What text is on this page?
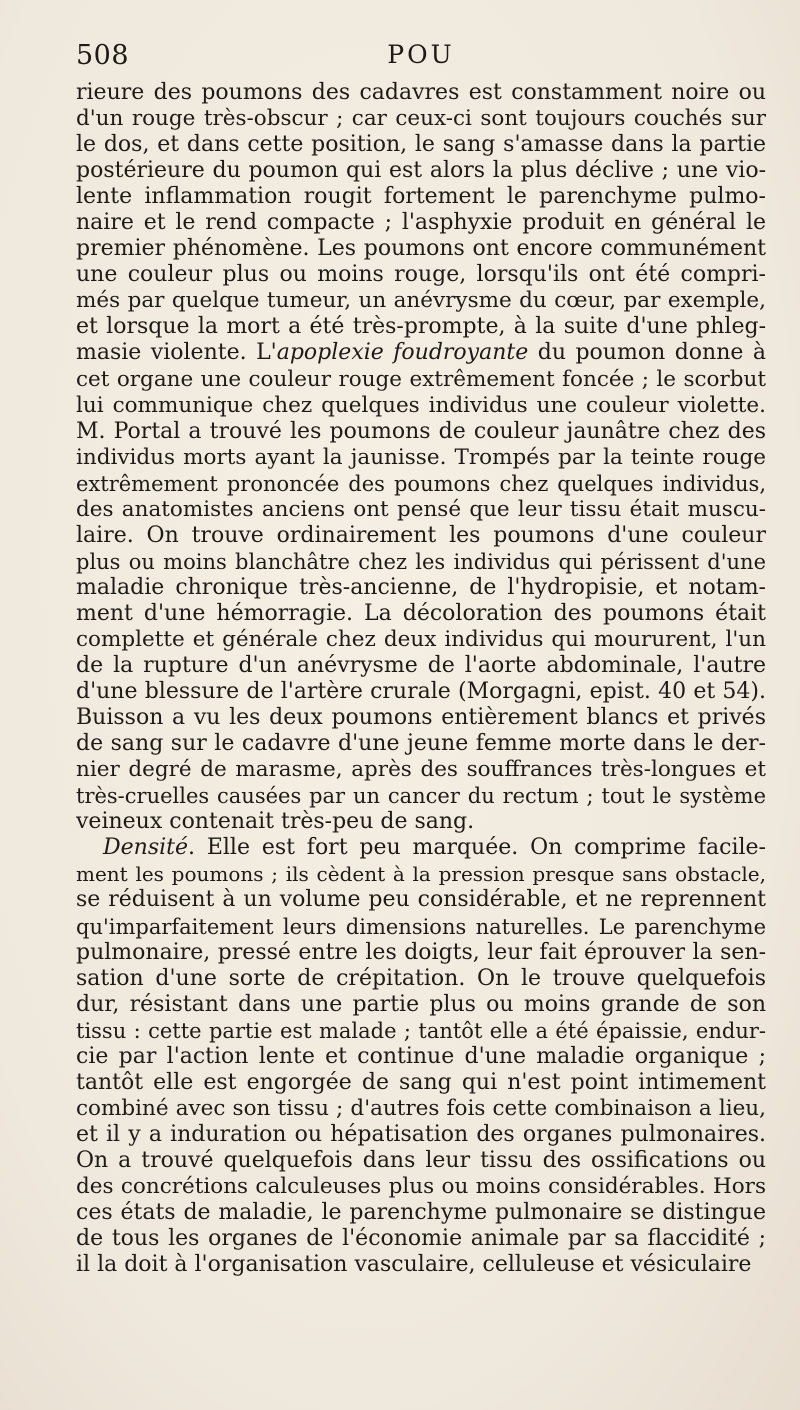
508	POU
rieure des poumons des cadavres est constamment noire ou
d'un rouge très-obscur ; car ceux-ci sont toujours couchés sur
le dos, et dans cette position, le sang s'amasse dans la partie
postérieure du poumon qui est alors la plus déclive ; une vio-
lente inflammation rougit fortement le parenchyme pulmo-
naire et le rend compacte ; l'asphyxie produit en général le
premier phénomène. Les poumons ont encore communément
une couleur plus ou moins rouge, lorsqu'ils ont été compri-
més par quelque tumeur, un anévrysme du cœur, par exemple,
et lorsque la mort a été très-prompte, à la suite d'une phleg-
masie violente. L'apoplexie foudroyante du poumon donne à
cet organe une couleur rouge extrêmement foncée ; le scorbut
lui communique chez quelques individus une couleur violette.
M. Portal a trouvé les poumons de couleur jaunâtre chez des
individus morts ayant la jaunisse. Trompés par la teinte rouge
extrêmement prononcée des poumons chez quelques individus,
des anatomistes anciens ont pensé que leur tissu était muscu-
laire. On trouve ordinairement les poumons d'une couleur
plus ou moins blanchâtre chez les individus qui périssent d'une
maladie chronique très-ancienne, de l'hydropisie, et notam-
ment d'une hémorragie. La décoloration des poumons était
complette et générale chez deux individus qui moururent, l'un
de la rupture d'un anévrysme de l'aorte abdominale, l'autre
d'une blessure de l'artère crurale (Morgagni, epist. 40 et 54).
Buisson a vu les deux poumons entièrement blancs et privés
de sang sur le cadavre d'une jeune femme morte dans le der-
nier degré de marasme, après des souffrances très-longues et
très-cruelles causées par un cancer du rectum ; tout le système
veineux contenait très-peu de sang.
Densité. Elle est fort peu marquée. On comprime facile-
ment les poumons ; ils cèdent à la pression presque sans obstacle,
se réduisent à un volume peu considérable, et ne reprennent
qu'imparfaitement leurs dimensions naturelles. Le parenchyme
pulmonaire, pressé entre les doigts, leur fait éprouver la sen-
sation d'une sorte de crépitation. On le trouve quelquefois
dur, résistant dans une partie plus ou moins grande de son
tissu : cette partie est malade ; tantôt elle a été épaissie, endur-
cie par l'action lente et continue d'une maladie organique ;
tantôt elle est engorgée de sang qui n'est point intimement
combiné avec son tissu ; d'autres fois cette combinaison a lieu,
et il y a induration ou hépatisation des organes pulmonaires.
On a trouvé quelquefois dans leur tissu des ossifications ou
des concrétions calculeuses plus ou moins considérables. Hors
ces états de maladie, le parenchyme pulmonaire se distingue
de tous les organes de l'économie animale par sa flaccidité ;
il la doit à l'organisation vasculaire, celluleuse et vésiculaire
